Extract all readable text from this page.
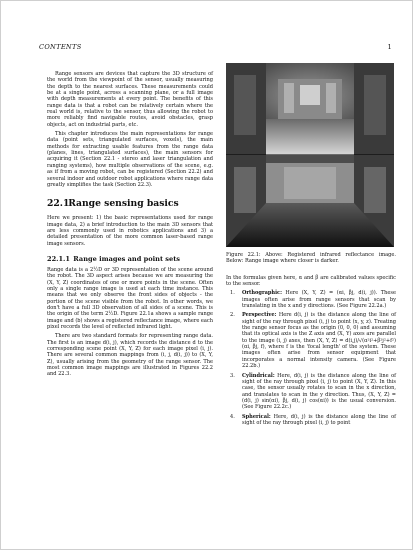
CONTENTS	1

Range sensors are devices that capture the 3D structure of the world from the viewpoint of the sensor, usually measuring the depth to the nearest surfaces. These measurements could be at a single point, across a scanning plane, or a full image with depth measurements at every point. The benefits of this range data is that a robot can be relatively certain where the real world is, relative to the sensor, thus allowing the robot to more reliably find navigable routes, avoid obstacles, grasp objects, act on industrial parts, etc.

This chapter introduces the main representations for range data (point sets, triangulated surfaces, voxels), the main methods for extracting usable features from the range data (planes, lines, triangulated surfaces), the main sensors for acquiring it (Section 22.1 - stereo and laser triangulation and ranging systems), how multiple observations of the scene, e.g. as if from a moving robot, can be registered (Section 22.2) and several indoor and outdoor robot applications where range data greatly simplifies the task (Section 22.3).

22.1 Range sensing basics

Here we present: 1) the basic representations used for range image data, 2) a brief introduction to the main 3D sensors that are less commonly used in robotics applications and 3) a detailed presentation of the more common laser-based range image sensors.

22.1.1 Range images and point sets

Range data is a 2½D or 3D representation of the scene around the robot. The 3D aspect arises because we are measuring the (X, Y, Z) coordinates of one or more points in the scene. Often only a single range image is used at each time instance. This means that we only observe the front sides of objects - the portion of the scene visible from the robot. In other words, we don't have a full 3D observation of all sides of a scene. This is the origin of the term 2½D. Figure 22.1a shows a sample range image and (b) shows a registered reflectance image, where each pixel records the level of reflected infrared light.

There are two standard formats for representing range data. The first is an image d(i, j), which records the distance d to the corresponding scene point (X, Y, Z) for each image pixel (i, j). There are several common mappings from (i, j, d(i, j)) to (X, Y, Z), usually arising from the geometry of the range sensor. The most common image mappings are illustrated in Figures 22.2 and 22.3.

Figure 22.1: Above: Registered infrared reflectance image. Below: Range image where closer is darker.

In the formulas given here, α and β are calibrated values specific to the sensor.

1. Orthographic: Here (X, Y, Z) = (αi, βj, d(i, j)). These images often arise from range sensors that scan by translating in the x and y directions. (See Figure 22.2a.)
2. Perspective: Here d(i, j) is the distance along the line of sight of the ray through pixel (i, j) to point (x, y, z). Treating the range sensor focus as the origin (0, 0, 0) and assuming that its optical axis is the Z axis and (X, Y) axes are parallel to the image (i, j) axes, then (X, Y, Z) = d(i,j)/√(α²i²+β²j²+f²) (αi, βj, f), where f is the 'focal length' of the system. These images often arise from sensor equipment that incorporates a normal intensity camera. (See Figure 22.2b.)
3. Cylindrical: Here, d(i, j) is the distance along the line of sight of the ray through pixel (i, j) to point (X, Y, Z). In this case, the sensor usually rotates to scan in the x direction, and translates to scan in the y direction. Thus, (X, Y, Z) = (d(i, j) sin(αi), βj, d(i, j) cos(αi)) is the usual conversion. (See Figure 22.2c.)
4. Spherical: Here, d(i, j) is the distance along the line of sight of the ray through pixel (i, j) to point
